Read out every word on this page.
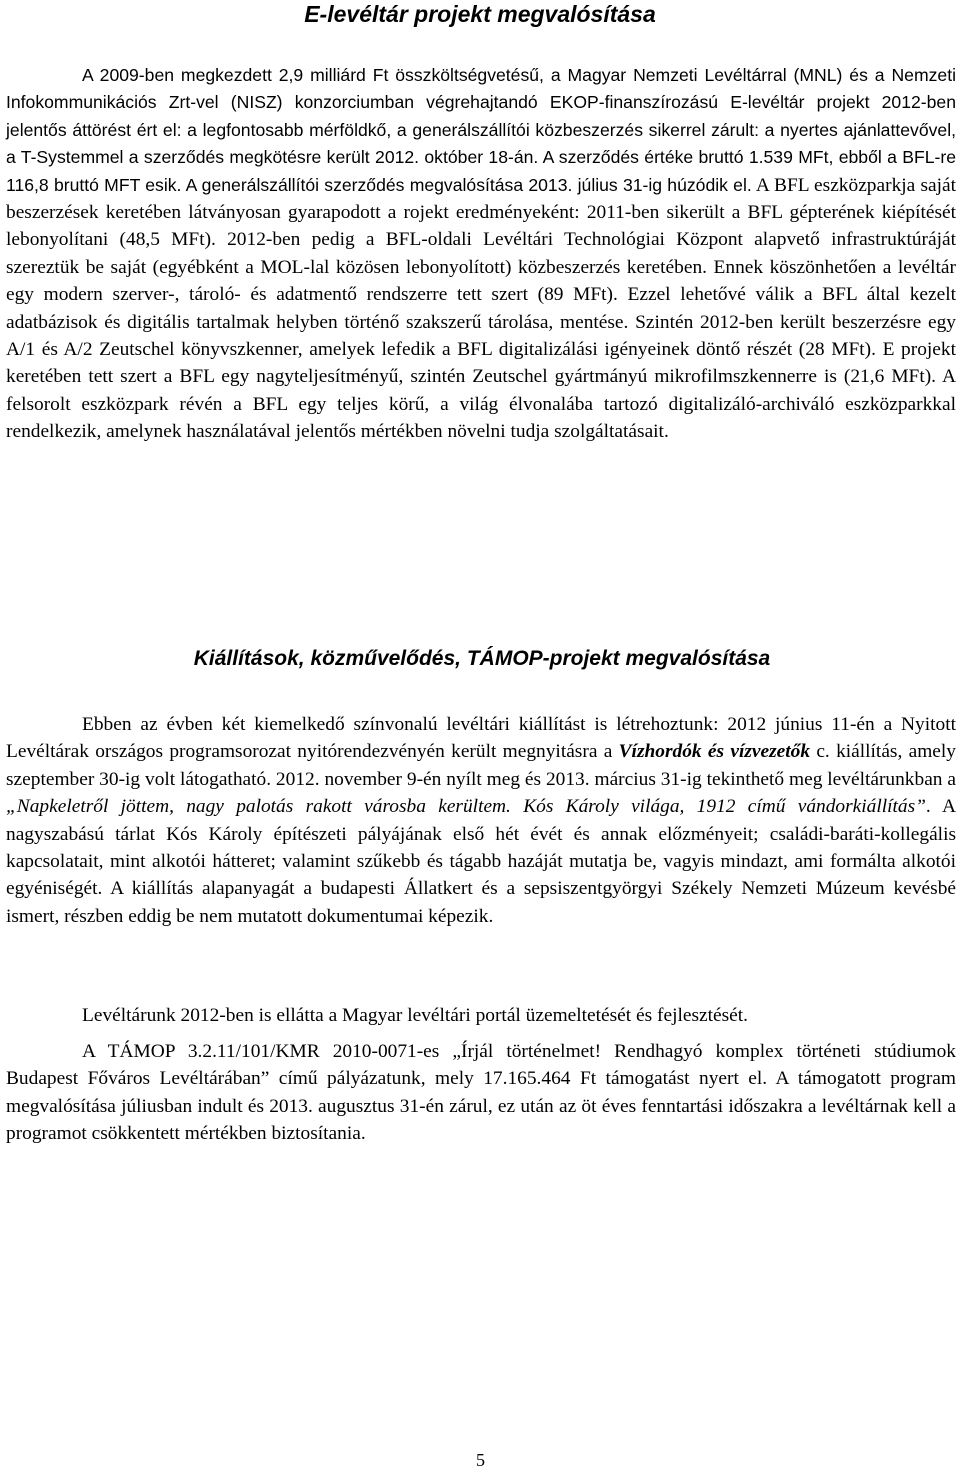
E-levéltár projekt megvalósítása

A 2009-ben megkezdett 2,9 milliárd Ft összköltségvetésű, a Magyar Nemzeti Levéltárral (MNL) és a Nemzeti Infokommunikációs Zrt-vel (NISZ) konzorciumban végrehajtandó EKOP-finanszírozású E-levéltár projekt 2012-ben jelentős áttörést ért el: a legfontosabb mérföldkő, a generálszállítói közbeszerzés sikerrel zárult: a nyertes ajánlattevővel, a T-Systemmel a szerződés megkötésre került 2012. október 18-án. A szerződés értéke bruttó 1.539 MFt, ebből a BFL-re 116,8 bruttó MFT esik. A generálszállítói szerződés megvalósítása 2013. július 31-ig húzódik el. A BFL eszközparkja saját beszerzések keretében látványosan gyarapodott a rojekt eredményeként: 2011-ben sikerült a BFL gépterének kiépítését lebonyolítani (48,5 MFt). 2012-ben pedig a BFL-oldali Levéltári Technológiai Központ alapvető infrastruktúráját szereztük be saját (egyébként a MOL-lal közösen lebonyolított) közbeszerzés keretében. Ennek köszönhetően a levéltár egy modern szerver-, tároló- és adatmentő rendszerre tett szert (89 MFt). Ezzel lehetővé válik a BFL által kezelt adatbázisok és digitális tartalmak helyben történő szakszerű tárolása, mentése. Szintén 2012-ben került beszerzésre egy A/1 és A/2 Zeutschel könyvszkenner, amelyek lefedik a BFL digitalizálási igényeinek döntő részét (28 MFt). E projekt keretében tett szert a BFL egy nagyteljesítményű, szintén Zeutschel gyártmányú mikrofilmszkennerre is (21,6 MFt). A felsorolt eszközpark révén a BFL egy teljes körű, a világ élvonalába tartozó digitalizáló-archiváló eszközparkkal rendelkezik, amelynek használatával jelentős mértékben növelni tudja szolgáltatásait.

Kiállítások, közművelődés, TÁMOP-projekt megvalósítása

Ebben az évben két kiemelkedő színvonalú levéltári kiállítást is létrehoztunk: 2012 június 11-én a Nyitott Levéltárak országos programsorozat nyitórendezvényén került megnyitásra a Vízhordók és vízvezetők c. kiállítás, amely szeptember 30-ig volt látogatható. 2012. november 9-én nyílt meg és 2013. március 31-ig tekinthető meg levéltárunkban a „Napkeletről jöttem, nagy palotás rakott városba kerültem. Kós Károly világa, 1912 című vándorkiállítás”. A nagyszabású tárlat Kós Károly építészeti pályájának első hét évét és annak előzményeit; családi-baráti-kollegális kapcsolatait, mint alkotói hátteret; valamint szűkebb és tágabb hazáját mutatja be, vagyis mindazt, ami formálta alkotói egyéniségét. A kiállítás alapanyagát a budapesti Állatkert és a sepsiszentgyörgyi Székely Nemzeti Múzeum kevésbé ismert, részben eddig be nem mutatott dokumentumai képezik.

Levéltárunk 2012-ben is ellátta a Magyar levéltári portál üzemeltetését és fejlesztését.

A TÁMOP 3.2.11/101/KMR 2010-0071-es „Írjál történelmet! Rendhagyó komplex történeti stúdiumok Budapest Főváros Levéltárában” című pályázatunk, mely 17.165.464 Ft támogatást nyert el. A támogatott program megvalósítása júliusban indult és 2013. augusztus 31-én zárul, ez után az öt éves fenntartási időszakra a levéltárnak kell a programot csökkentett mértékben biztosítania.

5
